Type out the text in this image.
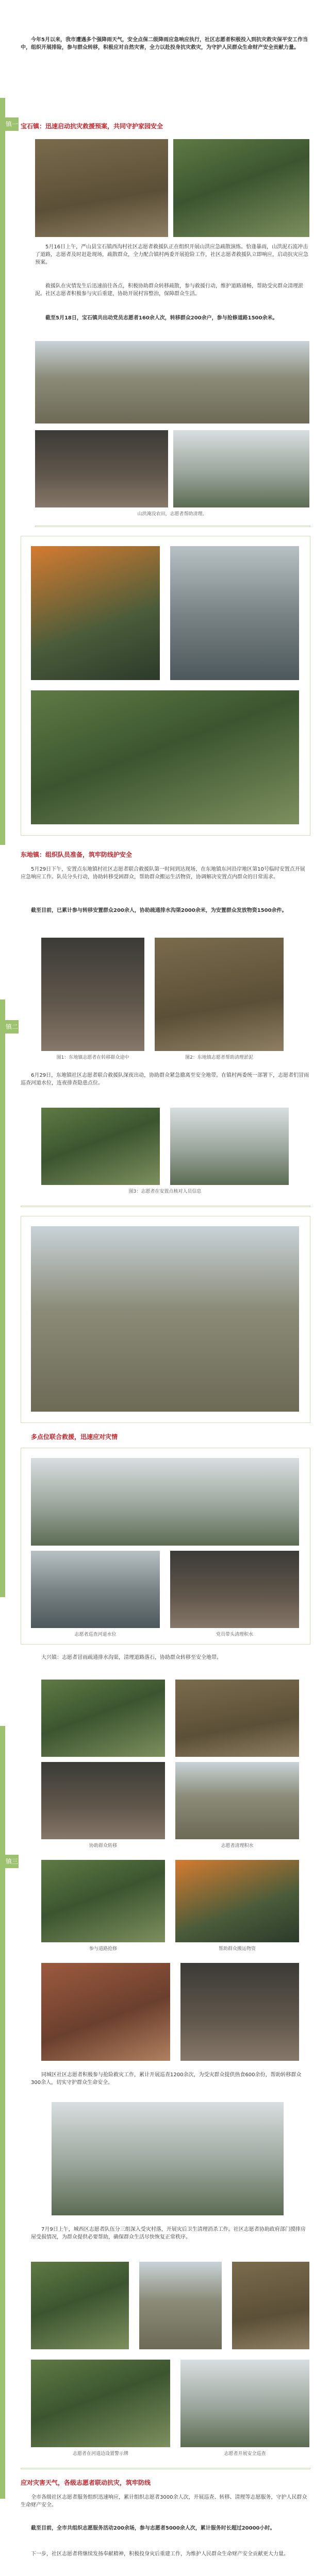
镇一
镇二
镇三

今年5月以来，我市遭遇多个强降雨天气，安全点保二级降雨应急响应执行，社区志愿者积极投入到抗灾救灾保平安工作当中，组织开展排险，参与群众转移，积极应对自然灾害，全力以赴投身抗灾救灾，为守护人民群众生命财产安全贡献力量。

宝石镇：迅速启动抗灾救援预案，共同守护家园安全

5月16日上午，严山县宝石镇西沟村社区志愿者救援队正在组织开展山洪应急疏散演练。恰逢暴雨，山洪泥石流冲击了道路，志愿者及时赶赴现场，疏散群众，全力配合镇村两委开展抢险工作，社区志愿者救援队立即响应，启动抗灾应急预案。

救援队在灾情发生后迅速前往各点，积极协助群众转移疏散，参与救援行动，维护道路通畅，帮助受灾群众清理淤泥。社区志愿者积极参与灾后重建，协助开展村容整治，保障群众生活。

截至5月18日，宝石镇共出动党员志愿者160余人次，转移群众200余户，参与抢修道路1500余米。

山洪淹没农田，志愿者帮助清理。
东地镇：组织队员准备，筑牢防线护安全

5月29日下午，安置点东地镇村社区志愿者联合救援队第一时间到达现场，在东地镇东河沿岸地区第10号临时安置点开展应急响应工作。队员分头行动，协助转移受困群众，帮助群众搬运生活物资，协调解决安置点内群众的日常需求。

截至目前，已累计参与转移安置群众200余人，协助疏通排水沟渠2000余米，为安置群众发放物资1500余件。

图1：东地镇志愿者在转移群众途中	图2：东地镇志愿者帮助清理淤泥

6月29日，东地镇社区志愿者联合救援队深夜出动，协助群众紧急撤离至安全地带。在镇村两委统一部署下，志愿者们冒雨巡查河道水位，连夜排查隐患点位。

图3：志愿者在安置点核对人员信息
多点位联合救援，迅速应对灾情
志愿者巡查河道水位	党员带头清理积水

大兴镇：志愿者冒雨疏通排水沟渠，清理道路落石，协助群众转移至安全地带。

协助群众转移	志愿者清理积水
参与道路抢修	帮助群众搬运物资

同城区社区志愿者积极参与抢险救灾工作，累计开展巡查1200余次，为受灾群众提供热食600余份，帮助转移群众300余人，切实守护群众生命安全。

7月9日上午，城西区志愿者队伍分三组深入受灾村落，开展灾后卫生清理消杀工作。社区志愿者协助政府部门摸排房屋受损情况，为群众提供必要帮助，确保群众生活尽快恢复正常秩序。

志愿者在河道边设置警示牌	志愿者开展安全巡查
应对灾害天气，各级志愿者联动抗灾，筑牢防线

全市各级社区志愿者服务组织迅速响应，累计组织志愿者3000余人次，开展巡查、转移、清理等志愿服务，守护人民群众生命财产安全。

截至目前，全市共组织志愿服务活动200余场，参与志愿者5000余人次，累计服务时长超过20000小时。

下一步，社区志愿者将继续发扬奉献精神，积极投身灾后重建工作，为维护人民群众生命财产安全贡献更大力量。
